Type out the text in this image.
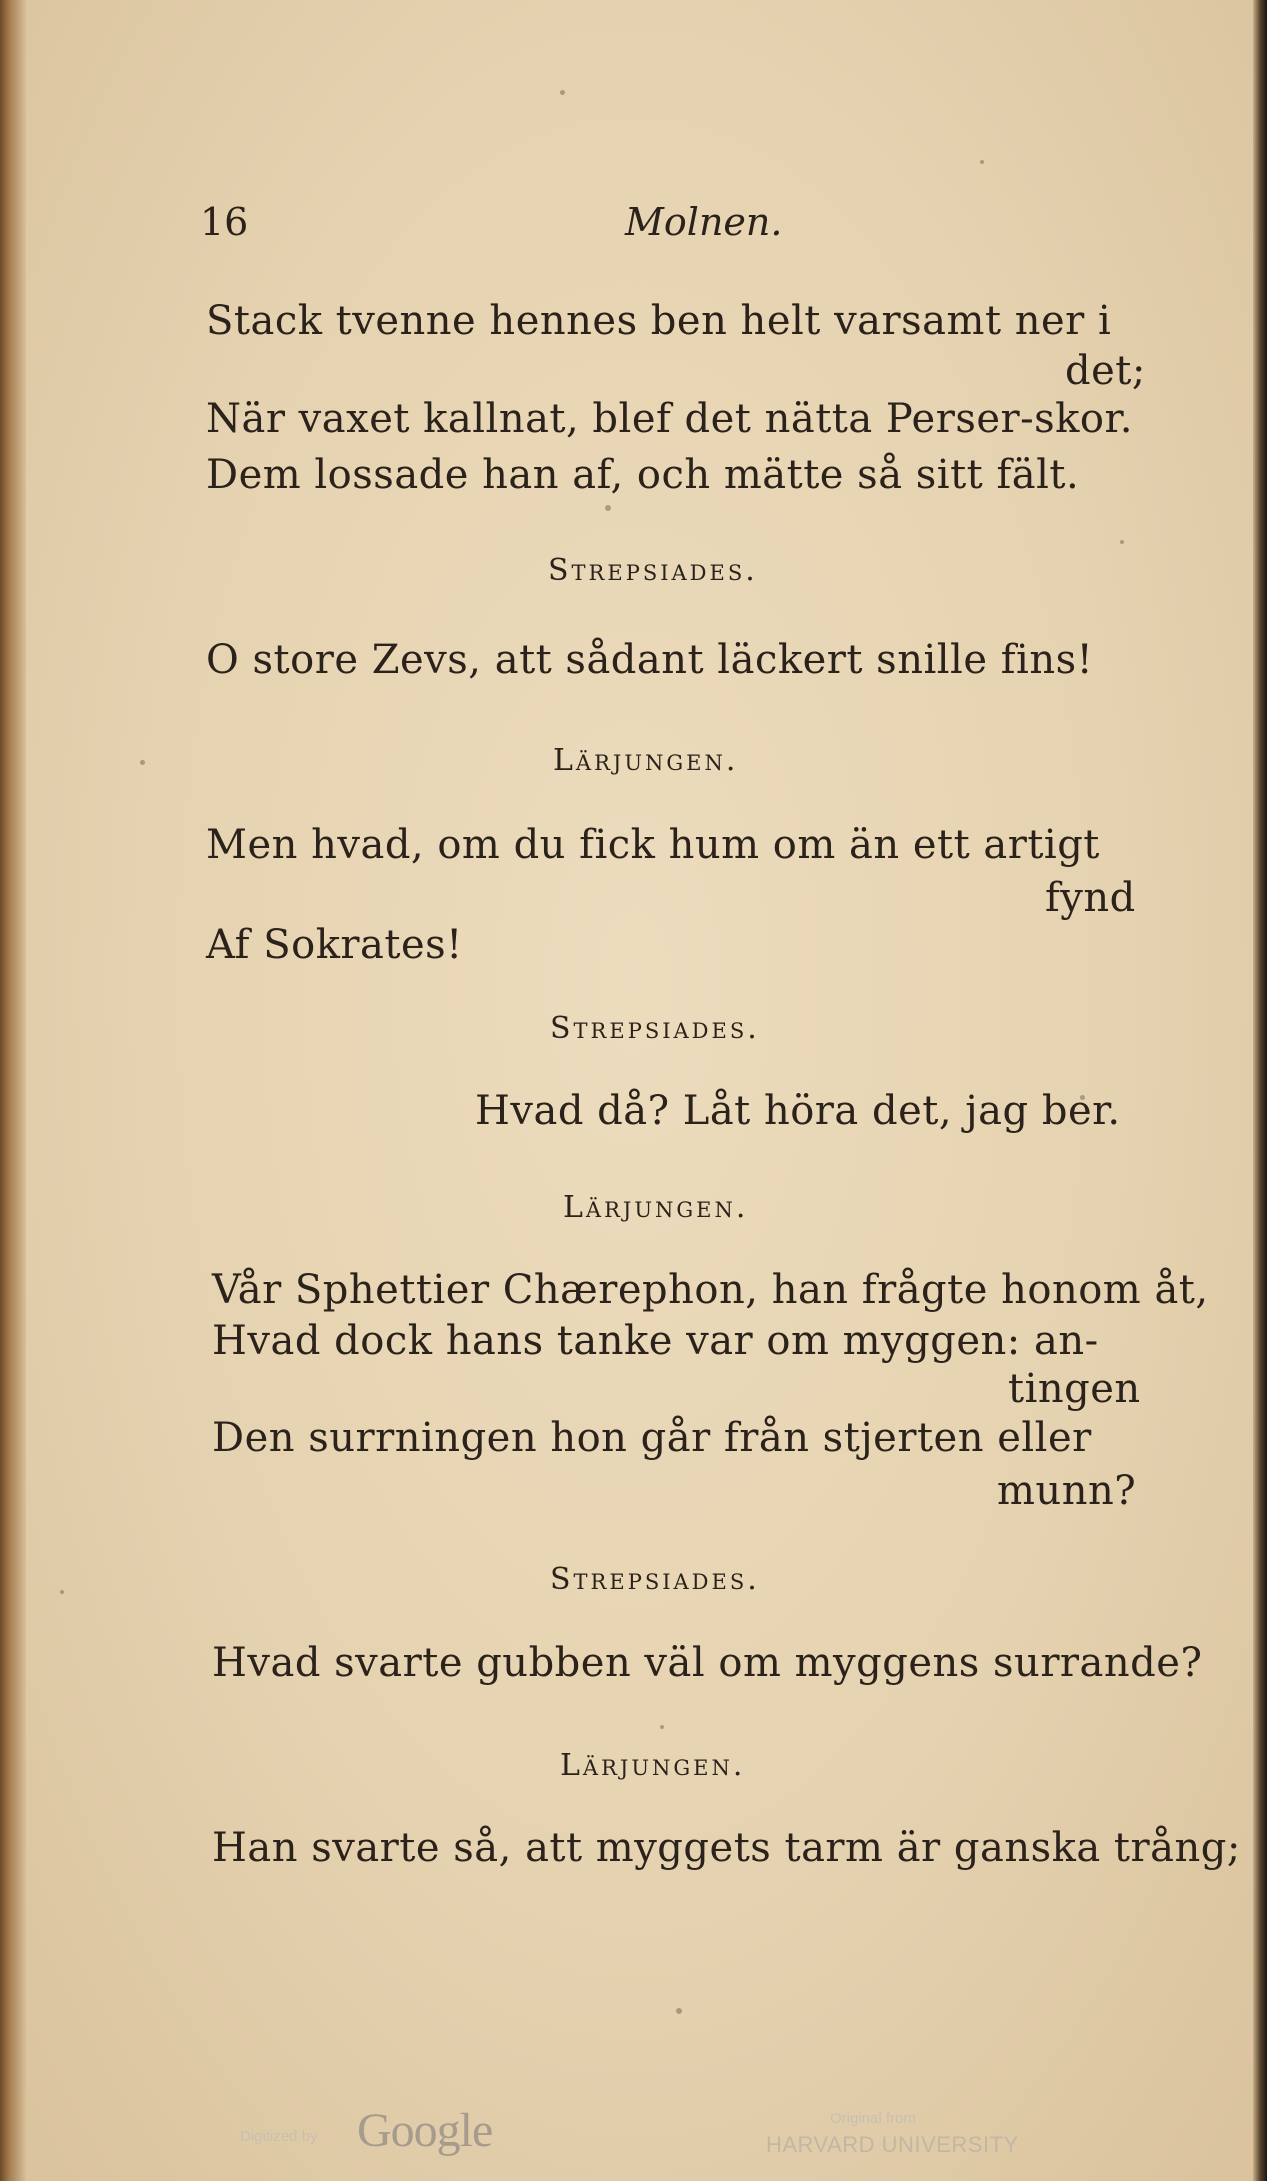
16	Molnen.
Stack tvenne hennes ben helt varsamt ner i
det;
När vaxet kallnat, blef det nätta Perser-skor.
Dem lossade han af, och mätte så sitt fält.
Strepsiades.
O store Zevs, att sådant läckert snille fins!
Lärjungen.
Men hvad, om du fick hum om än ett artigt
fynd
Af Sokrates!
Strepsiades.
Hvad då? Låt höra det, jag ber.
Lärjungen.
Vår Sphettier Chærephon, han frågte honom åt,
Hvad dock hans tanke var om myggen: an-
tingen
Den surrningen hon går från stjerten eller
munn?
Strepsiades.
Hvad svarte gubben väl om myggens surrande?
Lärjungen.
Han svarte så, att myggets tarm är ganska trång;
Digitized by Google	Original from
HARVARD UNIVERSITY
